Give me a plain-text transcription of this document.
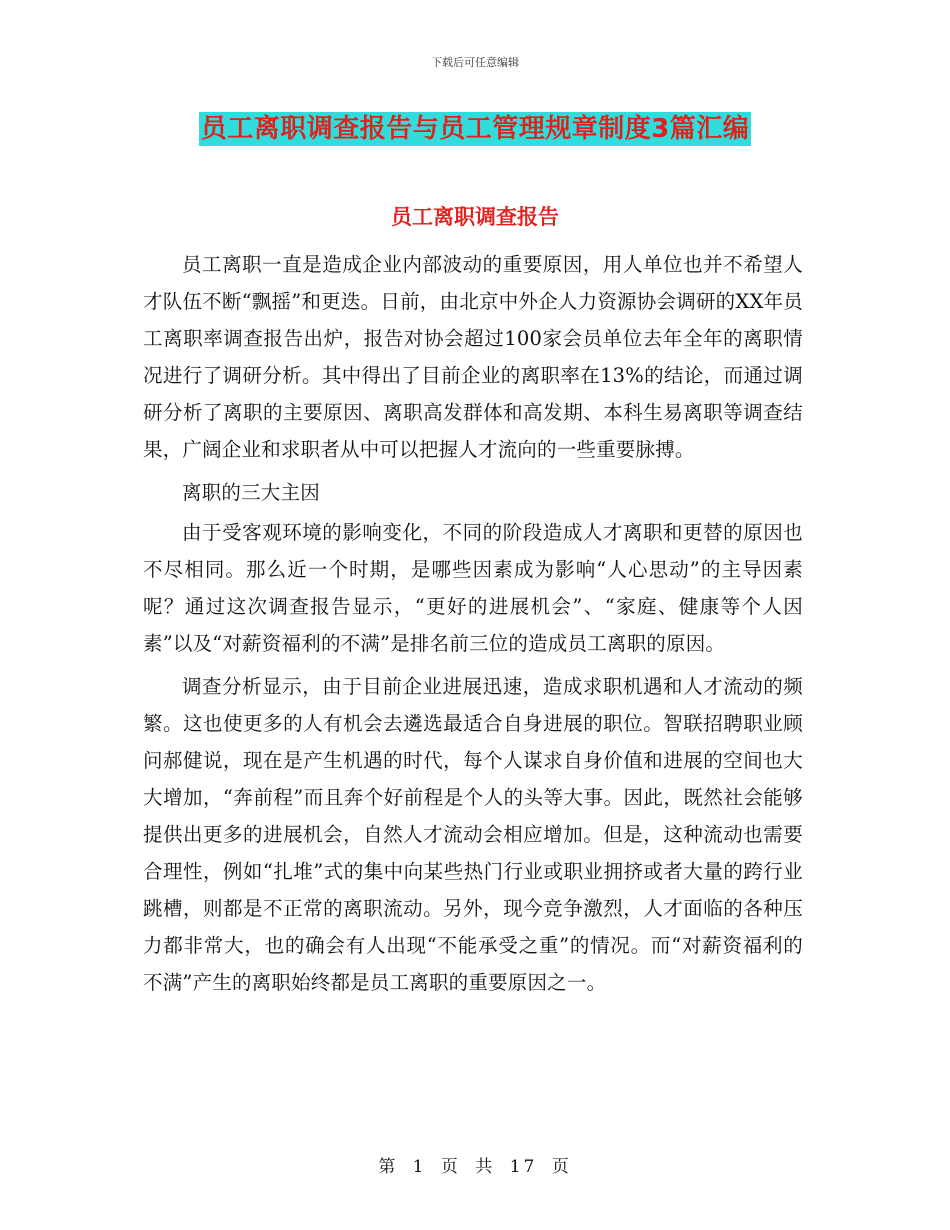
下载后可任意编辑
员工离职调查报告与员工管理规章制度3篇汇编
员工离职调查报告

员工离职一直是造成企业内部波动的重要原因，用人单位也并不希望人才队伍不断“飘摇”和更迭。日前，由北京中外企人力资源协会调研的XX年员工离职率调查报告出炉，报告对协会超过100家会员单位去年全年的离职情况进行了调研分析。其中得出了目前企业的离职率在13%的结论，而通过调研分析了离职的主要原因、离职高发群体和高发期、本科生易离职等调查结果，广阔企业和求职者从中可以把握人才流向的一些重要脉搏。

离职的三大主因

由于受客观环境的影响变化，不同的阶段造成人才离职和更替的原因也不尽相同。那么近一个时期，是哪些因素成为影响“人心思动”的主导因素呢？通过这次调查报告显示，“更好的进展机会”、“家庭、健康等个人因素”以及“对薪资福利的不满”是排名前三位的造成员工离职的原因。

调查分析显示，由于目前企业进展迅速，造成求职机遇和人才流动的频繁。这也使更多的人有机会去遴选最适合自身进展的职位。智联招聘职业顾问郝健说，现在是产生机遇的时代，每个人谋求自身价值和进展的空间也大大增加，“奔前程”而且奔个好前程是个人的头等大事。因此，既然社会能够提供出更多的进展机会，自然人才流动会相应增加。但是，这种流动也需要合理性，例如“扎堆”式的集中向某些热门行业或职业拥挤或者大量的跨行业跳槽，则都是不正常的离职流动。另外，现今竞争激烈，人才面临的各种压力都非常大，也的确会有人出现“不能承受之重”的情况。而“对薪资福利的不满”产生的离职始终都是员工离职的重要原因之一。

第 1 页 共 17 页
